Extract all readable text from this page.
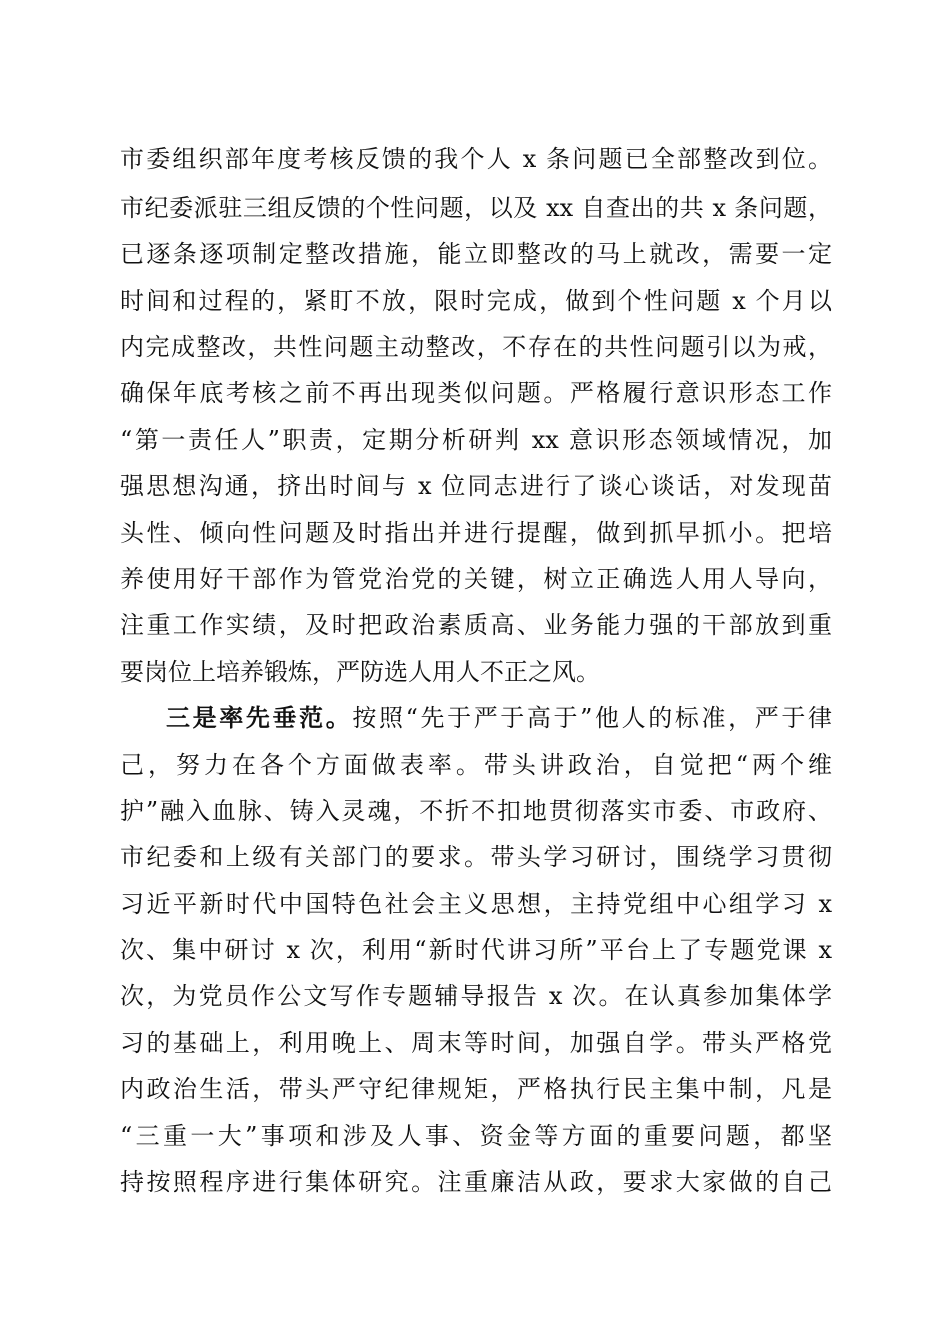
市委组织部年度考核反馈的我个人 x 条问题已全部整改到位。
市纪委派驻三组反馈的个性问题，以及 xx 自查出的共 x 条问题，
已逐条逐项制定整改措施，能立即整改的马上就改，需要一定
时间和过程的，紧盯不放，限时完成，做到个性问题 x 个月以
内完成整改，共性问题主动整改，不存在的共性问题引以为戒，
确保年底考核之前不再出现类似问题。严格履行意识形态工作
“第一责任人”职责，定期分析研判 xx 意识形态领域情况，加
强思想沟通，挤出时间与 x 位同志进行了谈心谈话，对发现苗
头性、倾向性问题及时指出并进行提醒，做到抓早抓小。把培
养使用好干部作为管党治党的关键，树立正确选人用人导向，
注重工作实绩，及时把政治素质高、业务能力强的干部放到重
要岗位上培养锻炼，严防选人用人不正之风。
三是率先垂范。按照“先于严于高于”他人的标准，严于律
己，努力在各个方面做表率。带头讲政治，自觉把“两个维
护”融入血脉、铸入灵魂，不折不扣地贯彻落实市委、市政府、
市纪委和上级有关部门的要求。带头学习研讨，围绕学习贯彻
习近平新时代中国特色社会主义思想，主持党组中心组学习 x
次、集中研讨 x 次，利用“新时代讲习所”平台上了专题党课 x
次，为党员作公文写作专题辅导报告 x 次。在认真参加集体学
习的基础上，利用晚上、周末等时间，加强自学。带头严格党
内政治生活，带头严守纪律规矩，严格执行民主集中制，凡是
“三重一大”事项和涉及人事、资金等方面的重要问题，都坚
持按照程序进行集体研究。注重廉洁从政，要求大家做的自己
